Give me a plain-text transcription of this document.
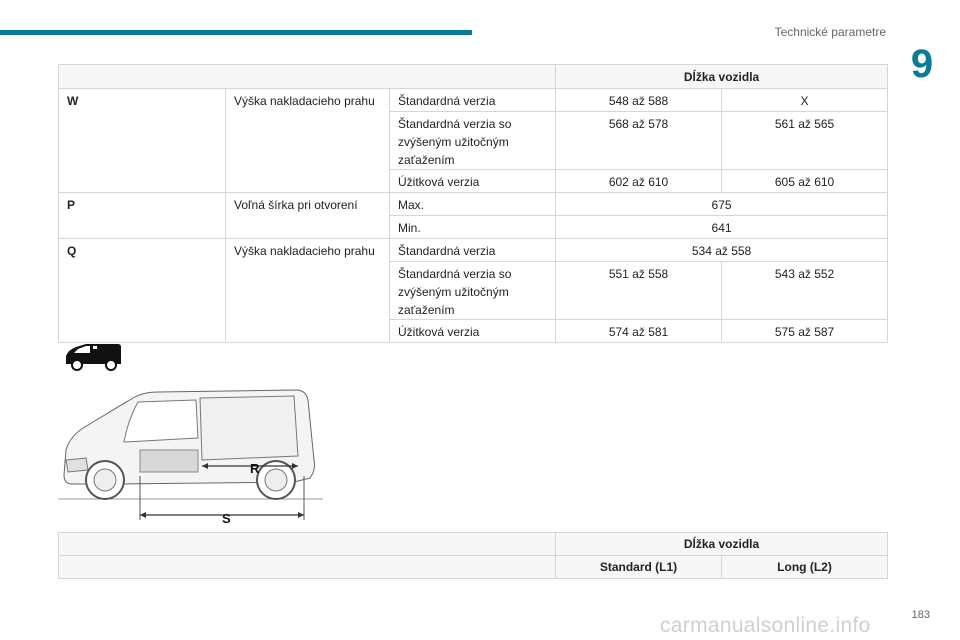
Technické parametre
9
			Dĺžka vozidla	
W	Výška nakladacieho prahu	Štandardná verzia	548 až 588	X
		Štandardná verzia so zvýšeným užitočným zaťažením	568 až 578	561 až 565
		Úžitková verzia	602 až 610	605 až 610
P	Voľná šírka pri otvorení	Max.	675	
		Min.	641	
Q	Výška nakladacieho prahu	Štandardná verzia	534 až 558	
		Štandardná verzia so zvýšeným užitočným zaťažením	551 až 558	543 až 552
		Úžitková verzia	574 až 581	575 až 587
R
S
	Dĺžka vozidla	
	Standard (L1)	Long (L2)
183
carmanualsonline.info
